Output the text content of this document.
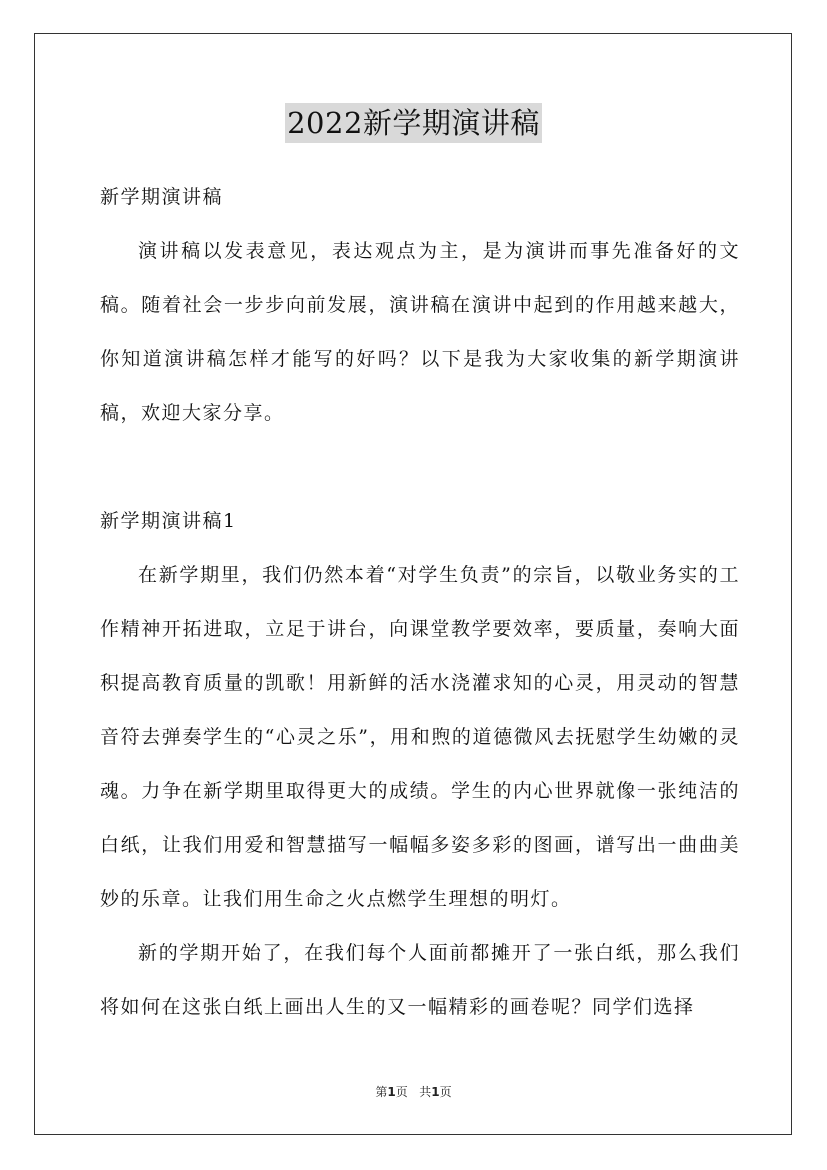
2022新学期演讲稿

新学期演讲稿

演讲稿以发表意见，表达观点为主，是为演讲而事先准备好的文稿。随着社会一步步向前发展，演讲稿在演讲中起到的作用越来越大，你知道演讲稿怎样才能写的好吗？以下是我为大家收集的新学期演讲稿，欢迎大家分享。

新学期演讲稿1

在新学期里，我们仍然本着“对学生负责”的宗旨，以敬业务实的工作精神开拓进取，立足于讲台，向课堂教学要效率，要质量，奏响大面积提高教育质量的凯歌！用新鲜的活水浇灌求知的心灵，用灵动的智慧音符去弹奏学生的“心灵之乐”，用和煦的道德微风去抚慰学生幼嫩的灵魂。力争在新学期里取得更大的成绩。学生的内心世界就像一张纯洁的白纸，让我们用爱和智慧描写一幅幅多姿多彩的图画，谱写出一曲曲美妙的乐章。让我们用生命之火点燃学生理想的明灯。

新的学期开始了，在我们每个人面前都摊开了一张白纸，那么我们将如何在这张白纸上画出人生的又一幅精彩的画卷呢？同学们选择

第1页 共1页
